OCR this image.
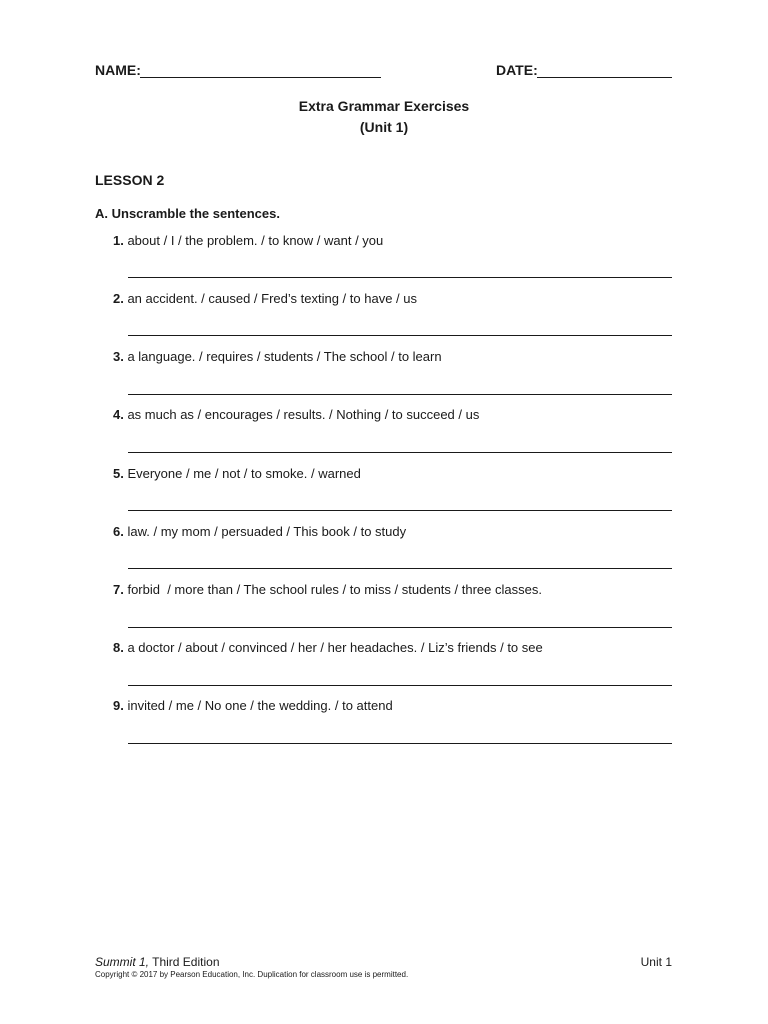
NAME:	DATE:
Extra Grammar Exercises
(Unit 1)
LESSON 2
A. Unscramble the sentences.
1. about / I / the problem. / to know / want / you
2. an accident. / caused / Fred’s texting / to have / us
3. a language. / requires / students / The school / to learn
4. as much as / encourages / results. / Nothing / to succeed / us
5. Everyone / me / not / to smoke. / warned
6. law. / my mom / persuaded / This book / to study
7. forbid  / more than / The school rules / to miss / students / three classes.
8. a doctor / about / convinced / her / her headaches. / Liz’s friends / to see
9. invited / me / No one / the wedding. / to attend
Summit 1, Third Edition	Unit 1
Copyright © 2017 by Pearson Education, Inc. Duplication for classroom use is permitted.
